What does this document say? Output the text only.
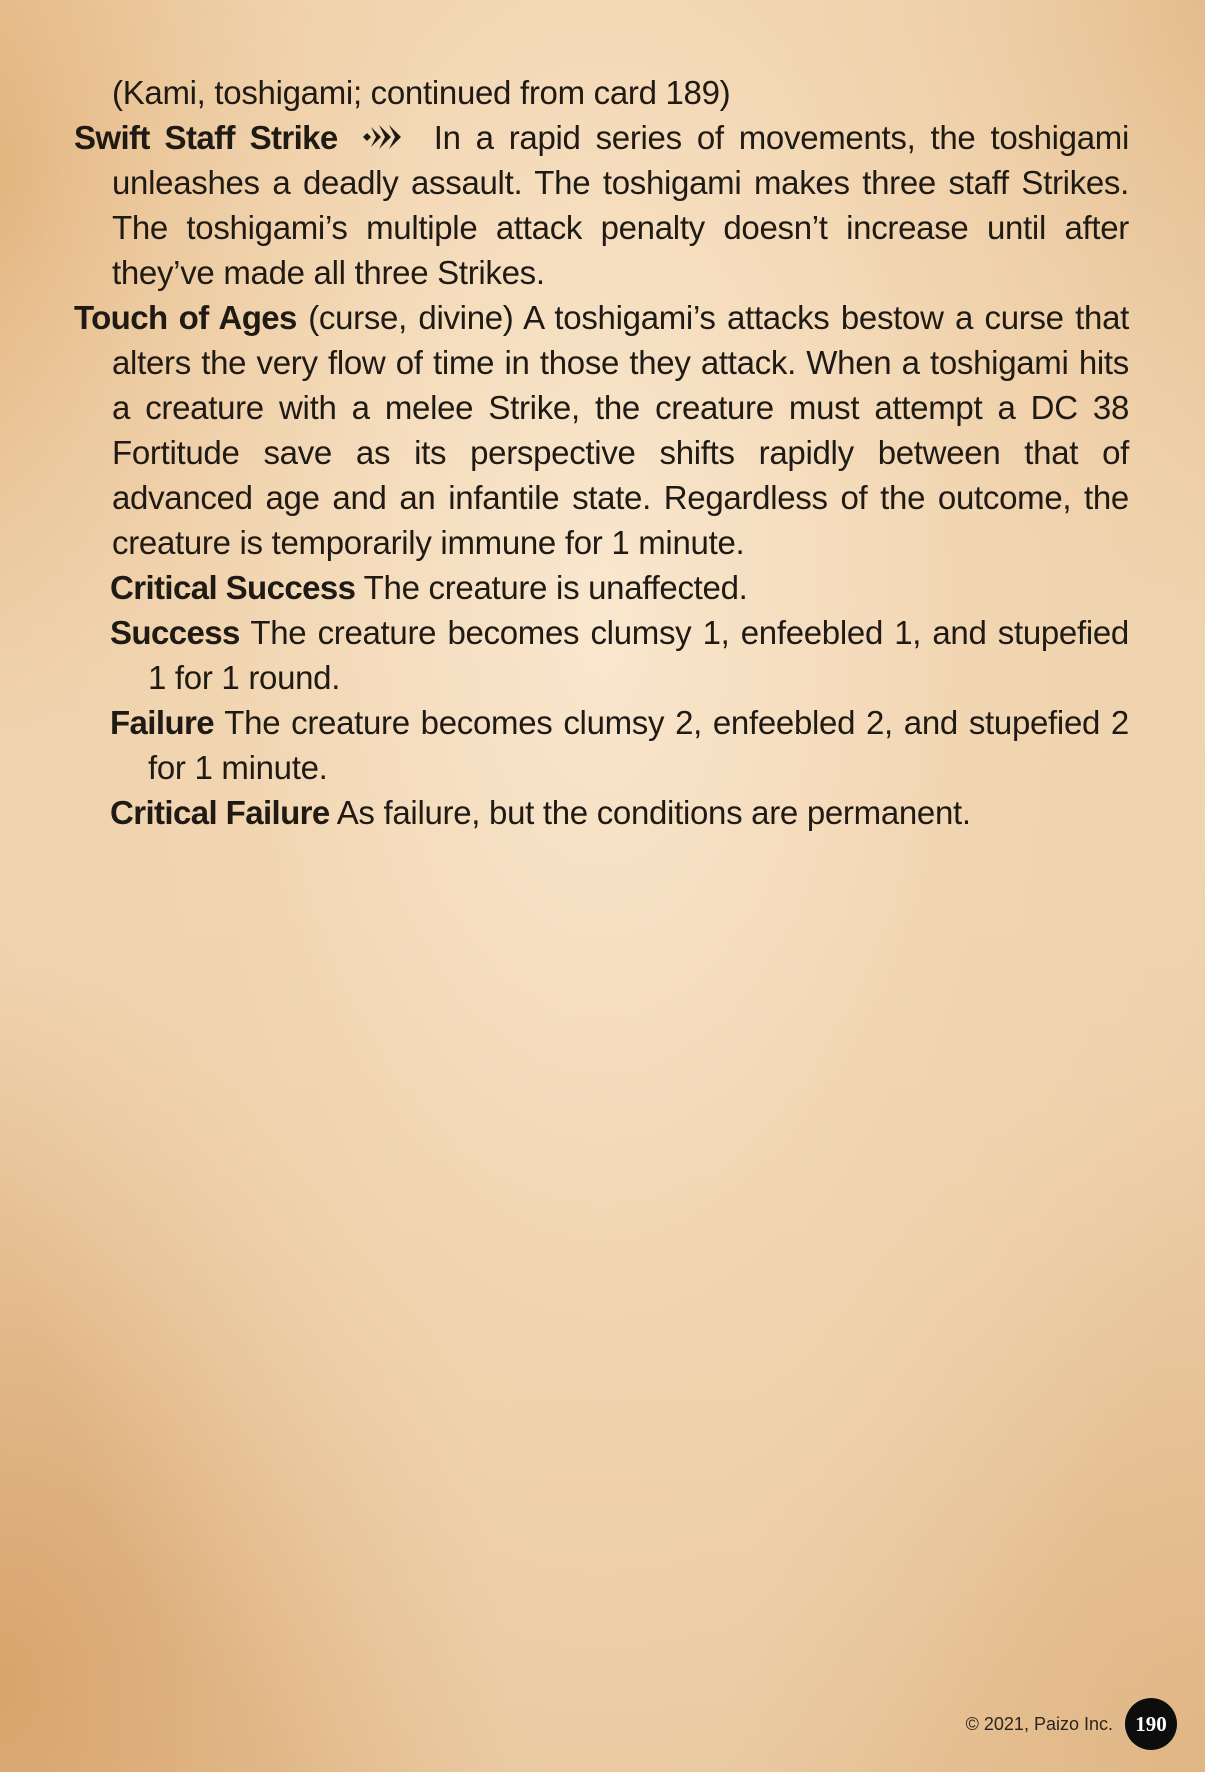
(Kami, toshigami; continued from card 189)

Swift Staff Strike	In a rapid series of movements, the toshigami unleashes a deadly assault. The toshigami makes three staff Strikes. The toshigami’s multiple attack penalty doesn’t increase until after they’ve made all three Strikes.

Touch of Ages (curse, divine) A toshigami’s attacks bestow a curse that alters the very flow of time in those they attack. When a toshigami hits a creature with a melee Strike, the creature must attempt a DC 38 Fortitude save as its perspective shifts rapidly between that of advanced age and an infantile state. Regardless of the outcome, the creature is temporarily immune for 1 minute.

Critical Success The creature is unaffected.

Success The creature becomes clumsy 1, enfeebled 1, and stupefied 1 for 1 round.

Failure The creature becomes clumsy 2, enfeebled 2, and stupefied 2 for 1 minute.

Critical Failure As failure, but the conditions are permanent.

© 2021, Paizo Inc.	190
